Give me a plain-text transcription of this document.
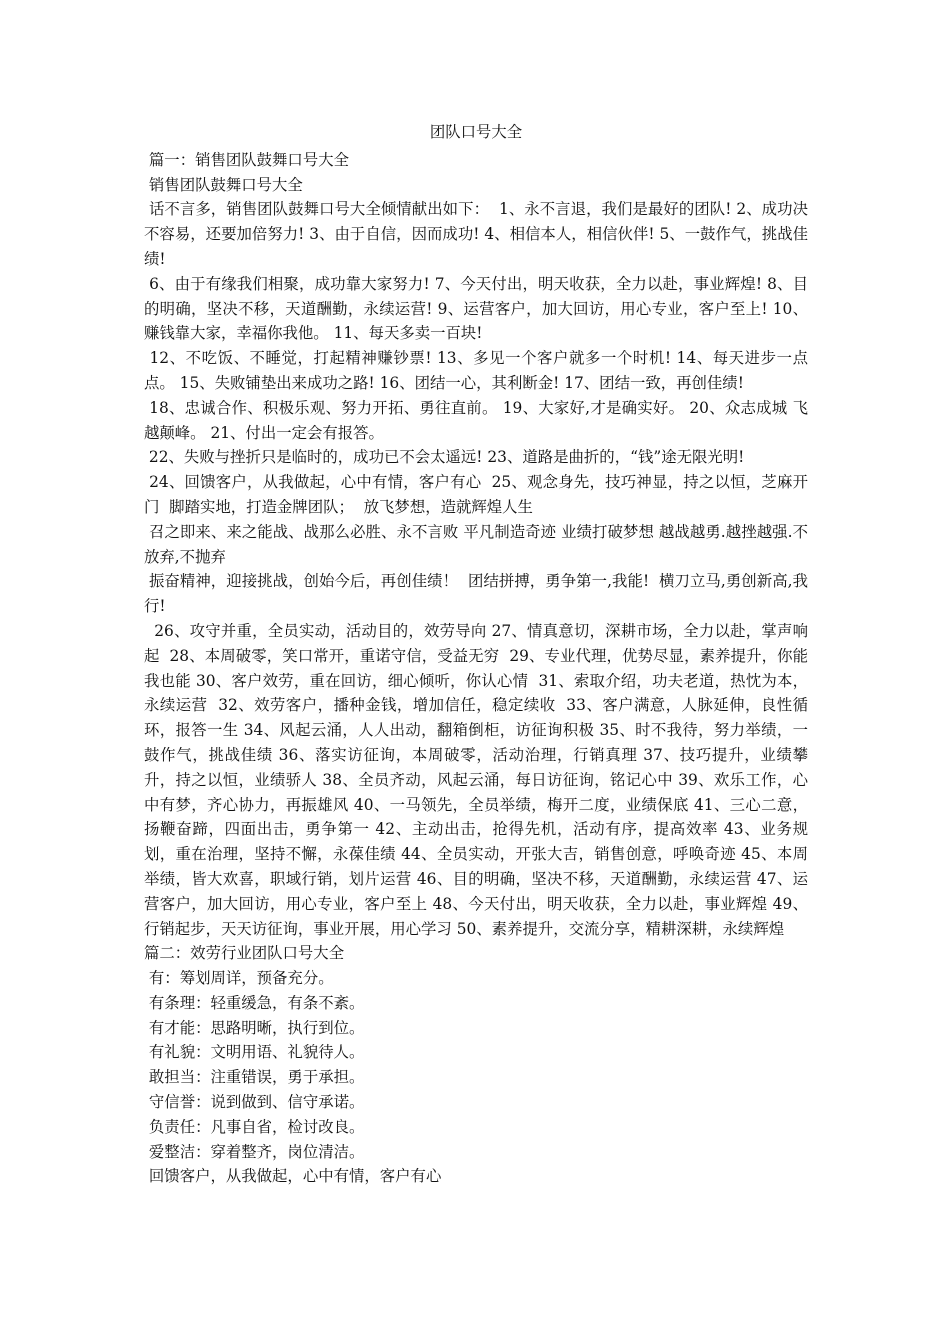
团队口号大全

篇一：销售团队鼓舞口号大全

销售团队鼓舞口号大全

话不言多，销售团队鼓舞口号大全倾情献出如下：  1、永不言退，我们是最好的团队! 2、成功决不容易，还要加倍努力! 3、由于自信，因而成功! 4、相信本人，相信伙伴! 5、一鼓作气，挑战佳绩!

6、由于有缘我们相聚，成功靠大家努力! 7、今天付出，明天收获，全力以赴，事业辉煌! 8、目的明确，坚决不移，天道酬勤，永续运营! 9、运营客户，加大回访，用心专业，客户至上! 10、赚钱靠大家，幸福你我他。 11、每天多卖一百块!

12、不吃饭、不睡觉，打起精神赚钞票! 13、多见一个客户就多一个时机! 14、每天进步一点点。 15、失败铺垫出来成功之路! 16、团结一心，其利断金! 17、团结一致，再创佳绩!

18、忠诚合作、积极乐观、努力开拓、勇往直前。 19、大家好,才是确实好。 20、众志成城 飞越颠峰。 21、付出一定会有报答。

22、失败与挫折只是临时的，成功已不会太遥远! 23、道路是曲折的，“钱”途无限光明!

24、回馈客户，从我做起，心中有情，客户有心  25、观念身先，技巧神显，持之以恒，芝麻开门  脚踏实地，打造金牌团队；  放飞梦想，造就辉煌人生

召之即来、来之能战、战那么必胜、永不言败 平凡制造奇迹 业绩打破梦想 越战越勇.越挫越强.不放弃,不抛弃

振奋精神，迎接挑战，创始今后，再创佳绩！  团结拼搏，勇争第一,我能!  横刀立马,勇创新高,我行!

26、攻守并重，全员实动，活动目的，效劳导向 27、情真意切，深耕市场，全力以赴，掌声响起  28、本周破零，笑口常开，重诺守信，受益无穷  29、专业代理，优势尽显，素养提升，你能我也能 30、客户效劳，重在回访，细心倾听，你认心情  31、索取介绍，功夫老道，热忱为本，永续运营  32、效劳客户，播种金钱，增加信任，稳定续收  33、客户满意，人脉延伸，良性循环，报答一生 34、风起云涌，人人出动，翻箱倒柜，访征询积极 35、时不我待，努力举绩，一鼓作气，挑战佳绩 36、落实访征询，本周破零，活动治理，行销真理 37、技巧提升，业绩攀升，持之以恒，业绩骄人 38、全员齐动，风起云涌，每日访征询，铭记心中 39、欢乐工作，心中有梦，齐心协力，再振雄风 40、一马领先，全员举绩，梅开二度，业绩保底 41、三心二意，扬鞭奋蹄，四面出击，勇争第一 42、主动出击，抢得先机，活动有序，提高效率 43、业务规划，重在治理，坚持不懈，永葆佳绩 44、全员实动，开张大吉，销售创意，呼唤奇迹 45、本周举绩，皆大欢喜，职域行销，划片运营 46、目的明确，坚决不移，天道酬勤，永续运营 47、运营客户，加大回访，用心专业，客户至上 48、今天付出，明天收获，全力以赴，事业辉煌 49、行销起步，天天访征询，事业开展，用心学习 50、素养提升，交流分享，精耕深耕，永续辉煌

篇二：效劳行业团队口号大全

有：筹划周详，预备充分。

有条理：轻重缓急，有条不紊。

有才能：思路明晰，执行到位。

有礼貌：文明用语、礼貌待人。

敢担当：注重错误，勇于承担。

守信誉：说到做到、信守承诺。

负责任：凡事自省，检讨改良。

爱整洁：穿着整齐，岗位清洁。

回馈客户，从我做起，心中有情，客户有心
